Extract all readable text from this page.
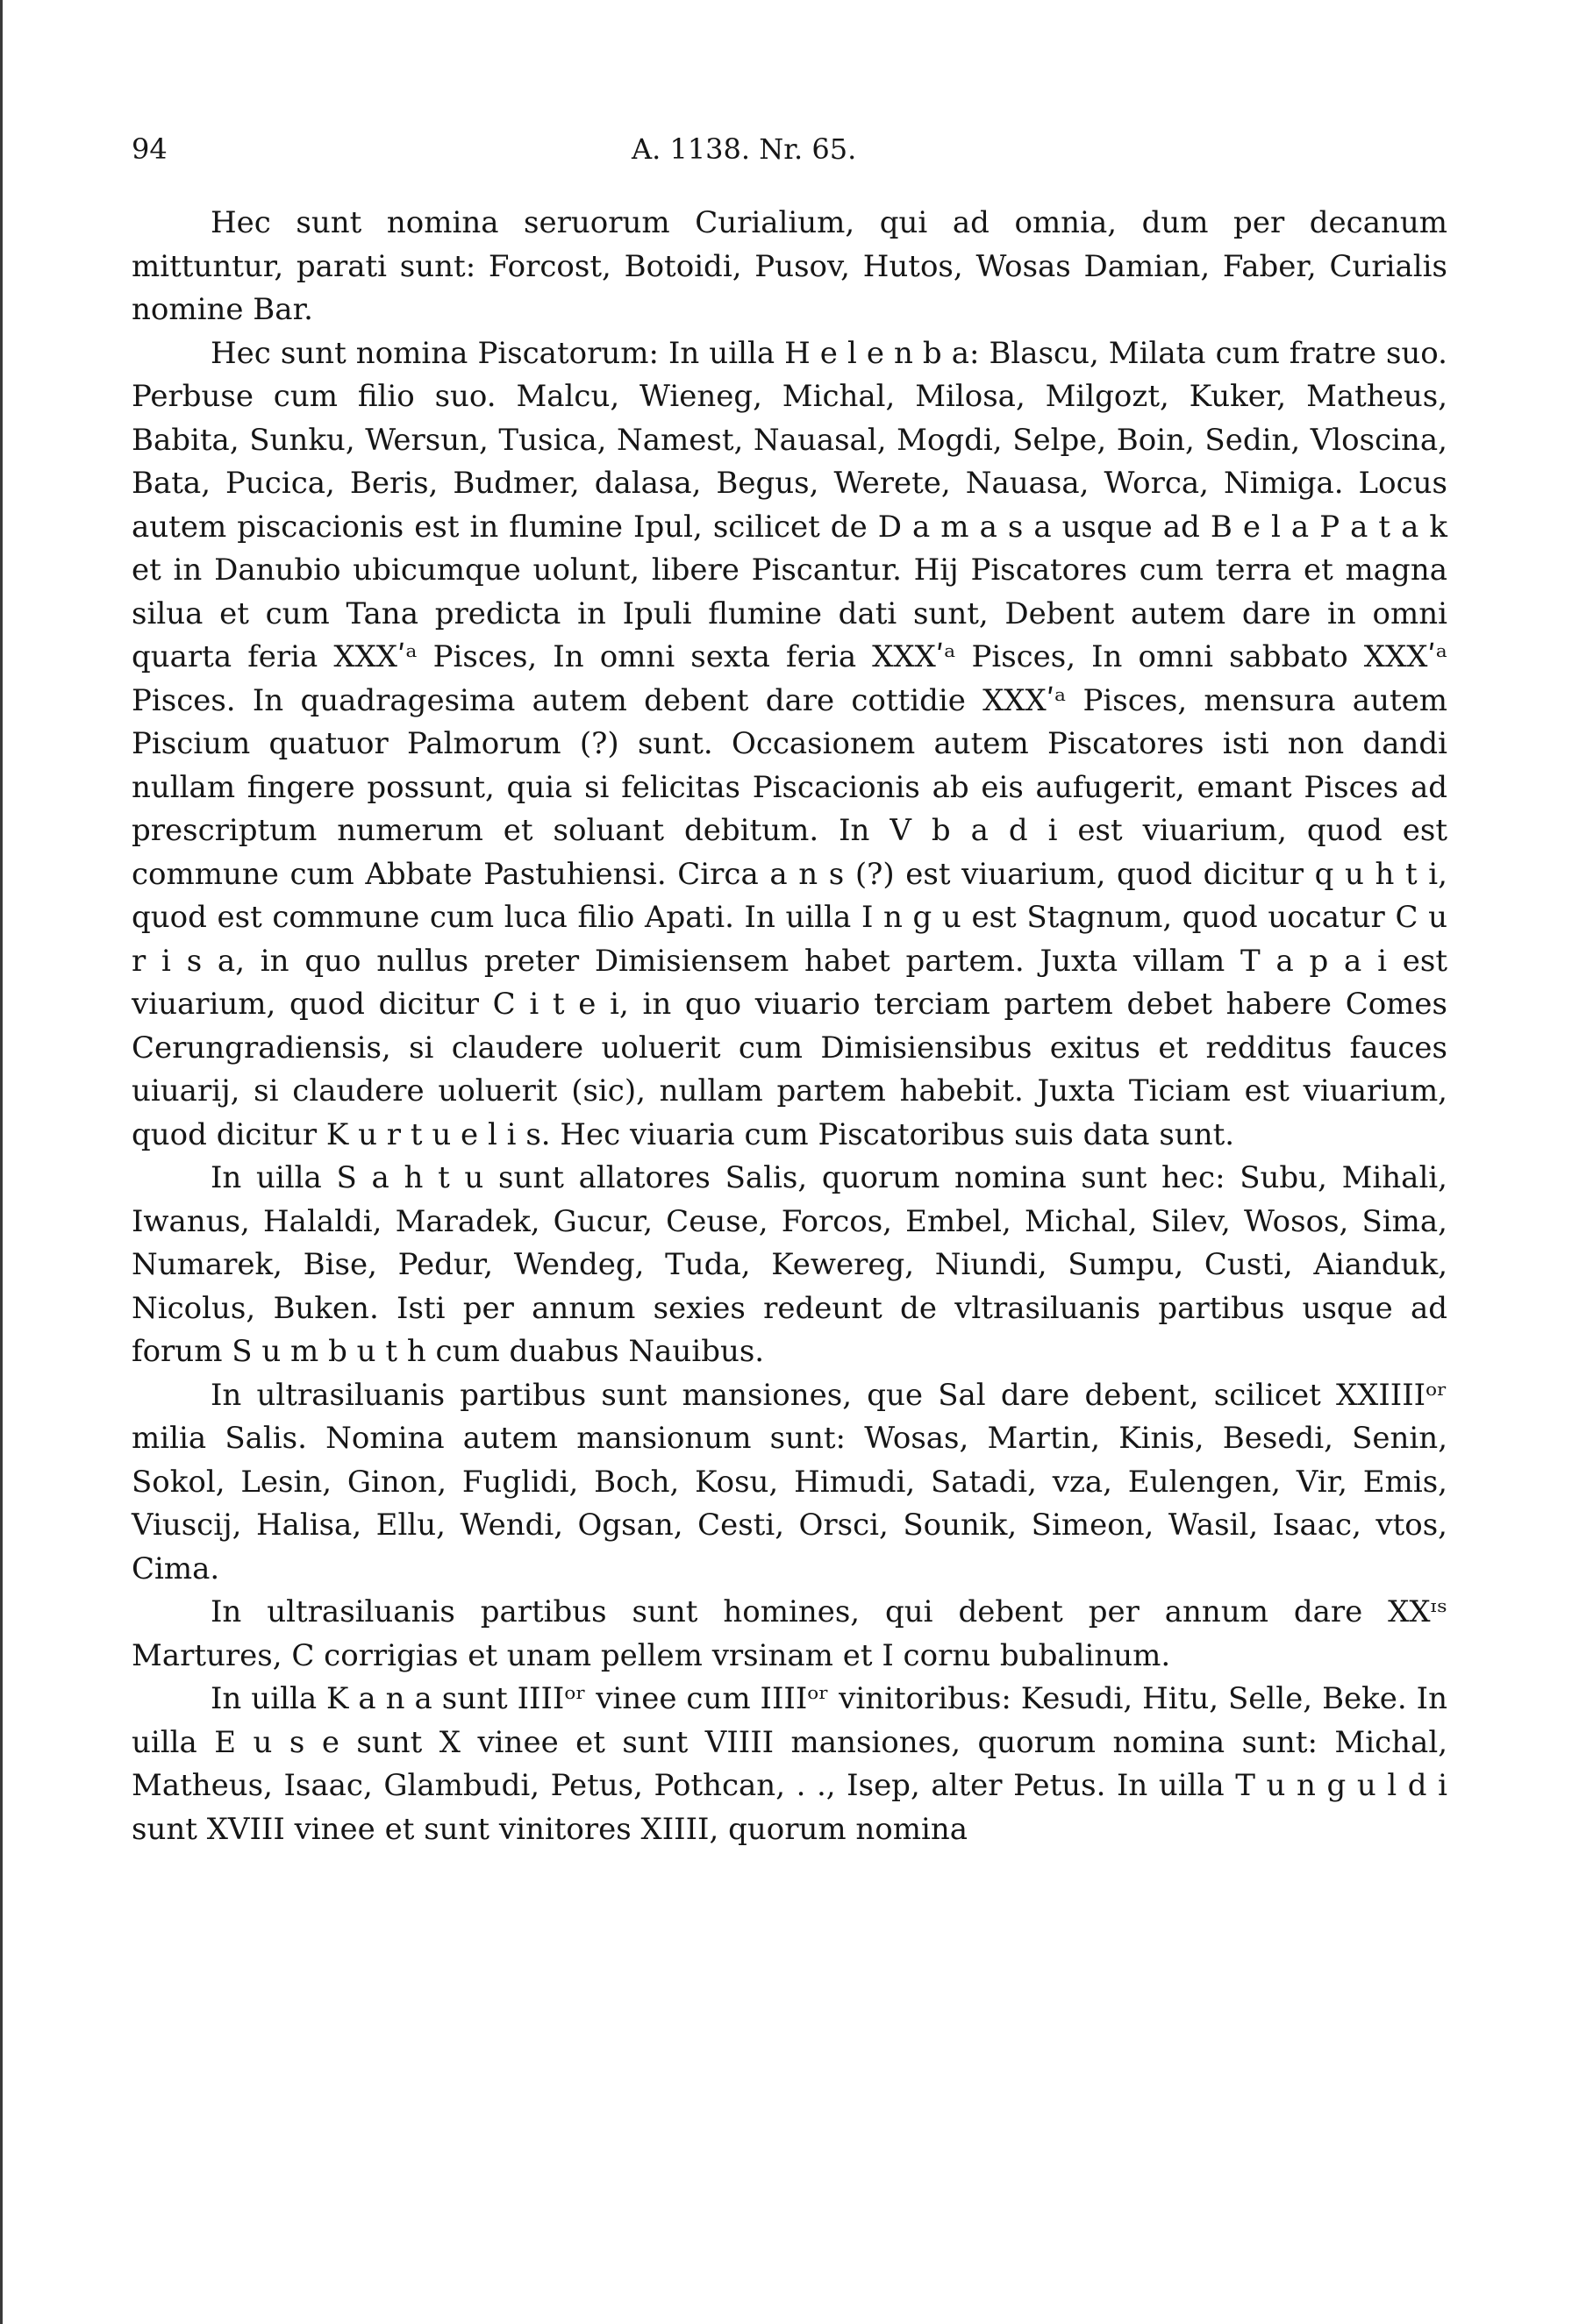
94	A. 1138. Nr. 65.

Hec sunt nomina seruorum Curialium, qui ad omnia, dum per decanum mittuntur, parati sunt: Forcost, Botoidi, Pusov, Hutos, Wosas Damian, Faber, Curialis nomine Bar.

Hec sunt nomina Piscatorum: In uilla H e l e n b a: Blascu, Milata cum fratre suo. Perbuse cum filio suo. Malcu, Wieneg, Michal, Milosa, Milgozt, Kuker, Matheus, Babita, Sunku, Wersun, Tusica, Namest, Nauasal, Mogdi, Selpe, Boin, Sedin, Vloscina, Bata, Pucica, Beris, Budmer, dalasa, Begus, Werete, Nauasa, Worca, Nimiga. Locus autem piscacionis est in flumine Ipul, scilicet de D a m a s a usque ad B e l a P a t a k et in Danubio ubicumque uolunt, libere Piscantur. Hij Piscatores cum terra et magna silua et cum Tana predicta in Ipuli flumine dati sunt, Debent autem dare in omni quarta feria XXXʹᵃ Pisces, In omni sexta feria XXXʹᵃ Pisces, In omni sabbato XXXʹᵃ Pisces. In quadragesima autem debent dare cottidie XXXʹᵃ Pisces, mensura autem Piscium quatuor Palmorum (?) sunt. Occasionem autem Piscatores isti non dandi nullam fingere possunt, quia si felicitas Piscacionis ab eis aufugerit, emant Pisces ad prescriptum numerum et soluant debitum. In V b a d i est viuarium, quod est commune cum Abbate Pastuhiensi. Circa a n s (?) est viuarium, quod dicitur q u h t i, quod est commune cum luca filio Apati. In uilla I n g u est Stagnum, quod uocatur C u r i s a, in quo nullus preter Dimisiensem habet partem. Juxta villam T a p a i est viuarium, quod dicitur C i t e i, in quo viuario terciam partem debet habere Comes Cerungradiensis, si claudere uoluerit cum Dimisiensibus exitus et redditus fauces uiuarij, si claudere uoluerit (sic), nullam partem habebit. Juxta Ticiam est viuarium, quod dicitur K u r t u e l i s. Hec viuaria cum Piscatoribus suis data sunt.

In uilla S a h t u sunt allatores Salis, quorum nomina sunt hec: Subu, Mihali, Iwanus, Halaldi, Maradek, Gucur, Ceuse, Forcos, Embel, Michal, Silev, Wosos, Sima, Numarek, Bise, Pedur, Wendeg, Tuda, Kewereg, Niundi, Sumpu, Custi, Aianduk, Nicolus, Buken. Isti per annum sexies redeunt de vltrasiluanis partibus usque ad forum S u m b u t h cum duabus Nauibus.

In ultrasiluanis partibus sunt mansiones, que Sal dare debent, scilicet XXIIIIᵒʳ milia Salis. Nomina autem mansionum sunt: Wosas, Martin, Kinis, Besedi, Senin, Sokol, Lesin, Ginon, Fuglidi, Boch, Kosu, Himudi, Satadi, vza, Eulengen, Vir, Emis, Viuscij, Halisa, Ellu, Wendi, Ogsan, Cesti, Orsci, Sounik, Simeon, Wasil, Isaac, vtos, Cima.

In ultrasiluanis partibus sunt homines, qui debent per annum dare XXᶦˢ Martures, C corrigias et unam pellem vrsinam et I cornu bubalinum.

In uilla K a n a sunt IIIIᵒʳ vinee cum IIIIᵒʳ vinitoribus: Kesudi, Hitu, Selle, Beke. In uilla E u s e sunt X vinee et sunt VIIII mansiones, quorum nomina sunt: Michal, Matheus, Isaac, Glambudi, Petus, Pothcan, . ., Isep, alter Petus. In uilla T u n g u l d i sunt XVIII vinee et sunt vinitores XIIII, quorum nomina
